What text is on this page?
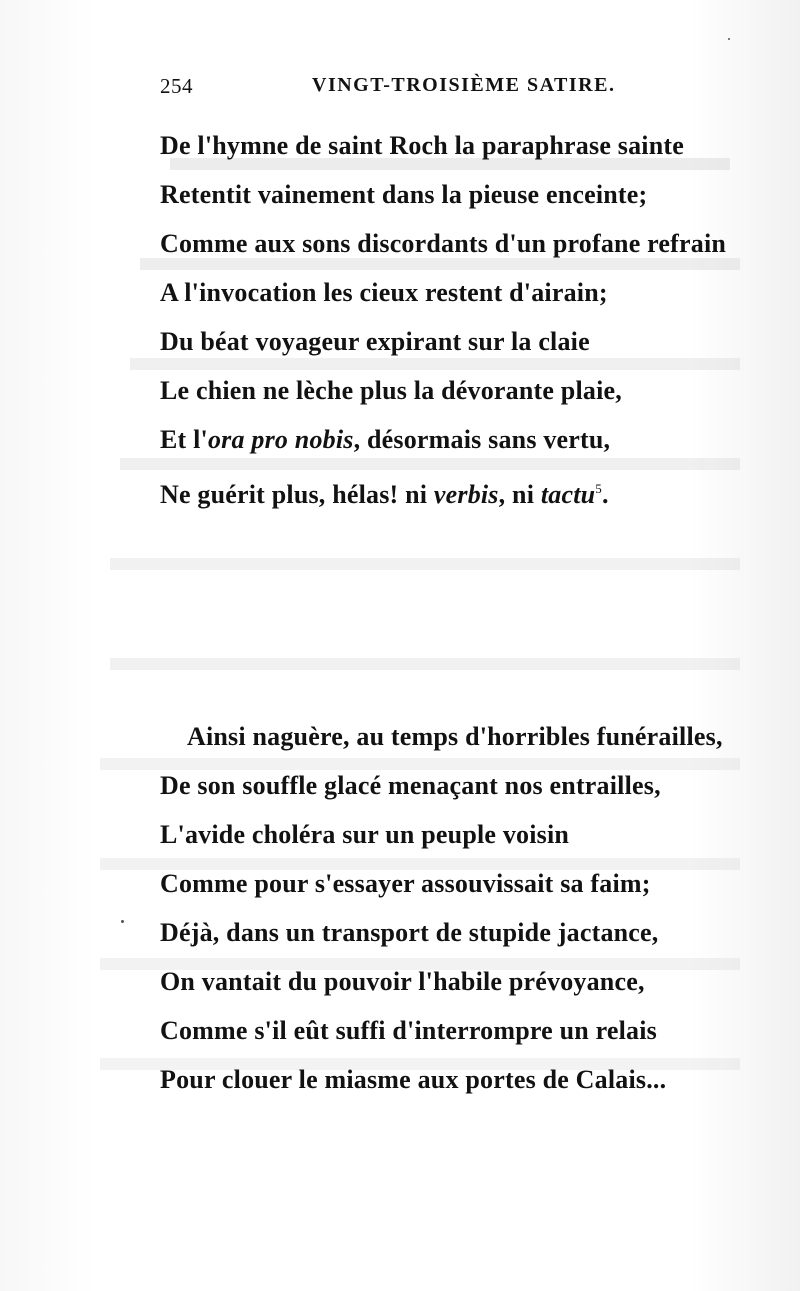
254	VINGT-TROISIÈME SATIRE.
De l'hymne de saint Roch la paraphrase sainte
Retentit vainement dans la pieuse enceinte;
Comme aux sons discordants d'un profane refrain
A l'invocation les cieux restent d'airain;
Du béat voyageur expirant sur la claie
Le chien ne lèche plus la dévorante plaie,
Et l'ora pro nobis, désormais sans vertu,
Ne guérit plus, hélas! ni verbis, ni tactu$^5$.
Ainsi naguère, au temps d'horribles funérailles,
De son souffle glacé menaçant nos entrailles,
L'avide choléra sur un peuple voisin
Comme pour s'essayer assouvissait sa faim;
Déjà, dans un transport de stupide jactance,
On vantait du pouvoir l'habile prévoyance,
Comme s'il eût suffi d'interrompre un relais
Pour clouer le miasme aux portes de Calais...
